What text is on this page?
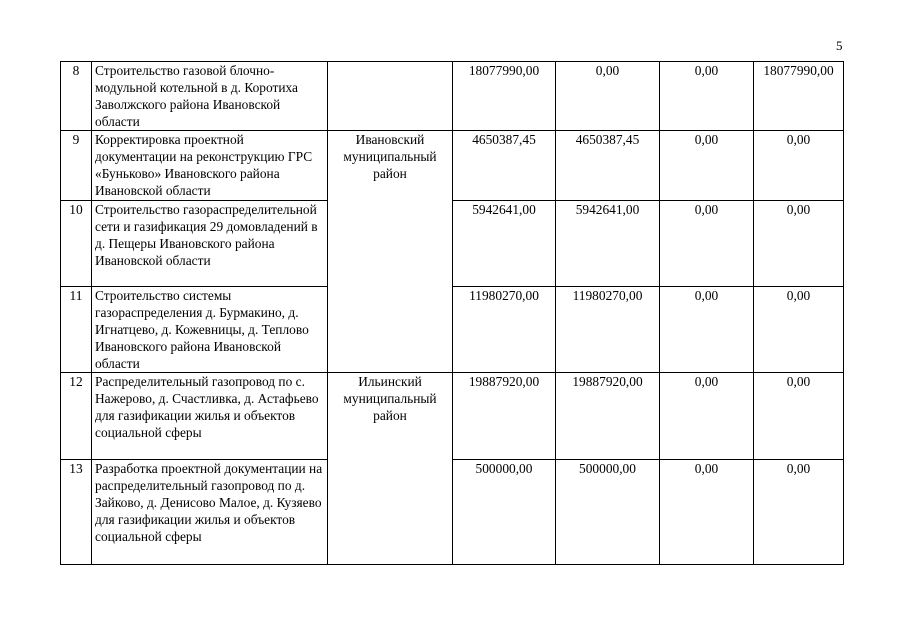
5
8	Строительство газовой блочно-модульной котельной в д. Коротиха Заволжского района Ивановской области		18077990,00	0,00	0,00	18077990,00
9	Корректировка проектной документации на реконструкцию ГРС «Буньково» Ивановского района Ивановской области	Ивановский муниципальный район	4650387,45	4650387,45	0,00	0,00
10	Строительство газораспределительной сети и газификация 29 домовладений в д. Пещеры Ивановского района Ивановской области		5942641,00	5942641,00	0,00	0,00
11	Строительство системы газораспределения д. Бурмакино, д. Игнатцево, д. Кожевницы, д. Теплово Ивановского района Ивановской области		11980270,00	11980270,00	0,00	0,00
12	Распределительный газопровод по с. Нажерово, д. Счастливка, д. Астафьево для газификации жилья и объектов социальной сферы	Ильинский муниципальный район	19887920,00	19887920,00	0,00	0,00
13	Разработка проектной документации на распределительный газопровод по д. Зайково, д. Денисово Малое, д. Кузяево для газификации жилья и объектов социальной сферы		500000,00	500000,00	0,00	0,00
